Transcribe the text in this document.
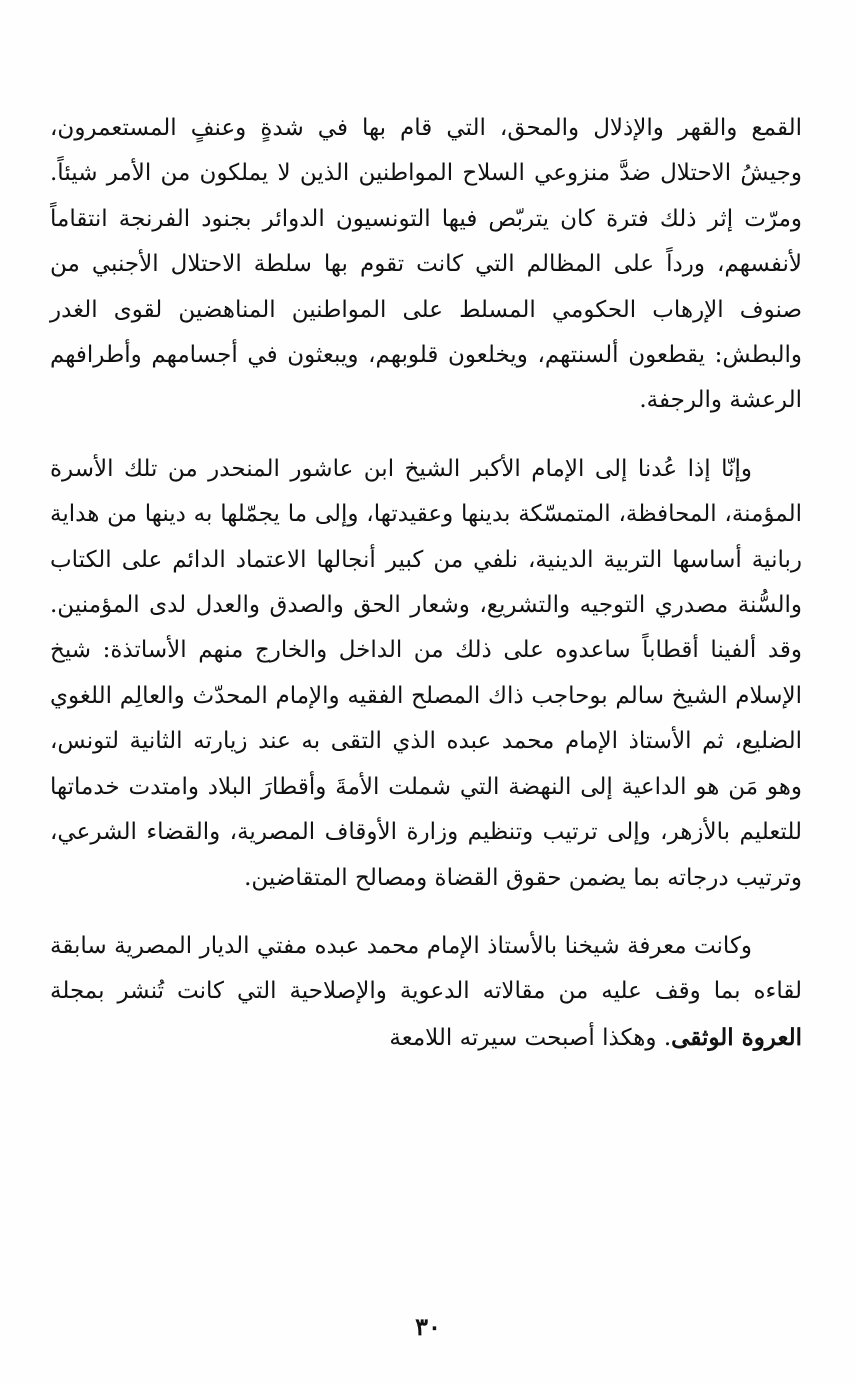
القمع والقهر والإذلال والمحق، التي قام بها في شدةٍ وعنفٍ المستعمرون، وجيشُ الاحتلال ضدَّ منزوعي السلاح المواطنين الذين لا يملكون من الأمر شيئاً. ومرّت إثر ذلك فترة كان يتربّص فيها التونسيون الدوائر بجنود الفرنجة انتقاماً لأنفسهم، ورداً على المظالم التي كانت تقوم بها سلطة الاحتلال الأجنبي من صنوف الإرهاب الحكومي المسلط على المواطنين المناهضين لقوى الغدر والبطش: يقطعون ألسنتهم، ويخلعون قلوبهم، ويبعثون في أجسامهم وأطرافهم الرعشة والرجفة.

وإنّا إذا عُدنا إلى الإمام الأكبر الشيخ ابن عاشور المنحدر من تلك الأسرة المؤمنة، المحافظة، المتمسّكة بدينها وعقيدتها، وإلى ما يجمّلها به دينها من هداية ربانية أساسها التربية الدينية، نلفي من كبير أنجالها الاعتماد الدائم على الكتاب والسُّنة مصدري التوجيه والتشريع، وشعار الحق والصدق والعدل لدى المؤمنين. وقد ألفينا أقطاباً ساعدوه على ذلك من الداخل والخارج منهم الأساتذة: شيخ الإسلام الشيخ سالم بوحاجب ذاك المصلح الفقيه والإمام المحدّث والعالِم اللغوي الضليع، ثم الأستاذ الإمام محمد عبده الذي التقى به عند زيارته الثانية لتونس، وهو مَن هو الداعية إلى النهضة التي شملت الأمةَ وأقطارَ البلاد وامتدت خدماتها للتعليم بالأزهر، وإلى ترتيب وتنظيم وزارة الأوقاف المصرية، والقضاء الشرعي، وترتيب درجاته بما يضمن حقوق القضاة ومصالح المتقاضين.

وكانت معرفة شيخنا بالأستاذ الإمام محمد عبده مفتي الديار المصرية سابقة لقاءه بما وقف عليه من مقالاته الدعوية والإصلاحية التي كانت تُنشر بمجلة العروة الوثقى. وهكذا أصبحت سيرته اللامعة

٣٠
